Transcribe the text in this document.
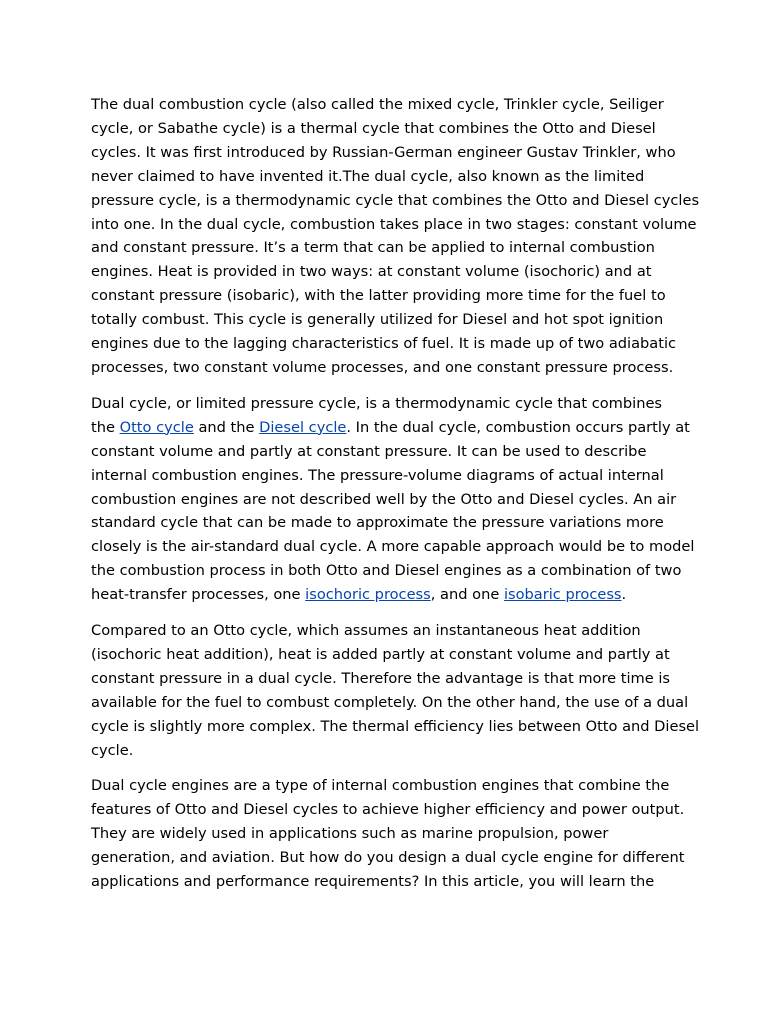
The dual combustion cycle (also called the mixed cycle, Trinkler cycle, Seiliger
cycle, or Sabathe cycle) is a thermal cycle that combines the Otto and Diesel
cycles. It was first introduced by Russian-German engineer Gustav Trinkler, who
never claimed to have invented it.The dual cycle, also known as the limited
pressure cycle, is a thermodynamic cycle that combines the Otto and Diesel cycles
into one. In the dual cycle, combustion takes place in two stages: constant volume
and constant pressure. It’s a term that can be applied to internal combustion
engines. Heat is provided in two ways: at constant volume (isochoric) and at
constant pressure (isobaric), with the latter providing more time for the fuel to
totally combust. This cycle is generally utilized for Diesel and hot spot ignition
engines due to the lagging characteristics of fuel. It is made up of two adiabatic
processes, two constant volume processes, and one constant pressure process.

Dual cycle, or limited pressure cycle, is a thermodynamic cycle that combines
the Otto cycle and the Diesel cycle. In the dual cycle, combustion occurs partly at
constant volume and partly at constant pressure. It can be used to describe
internal combustion engines. The pressure-volume diagrams of actual internal
combustion engines are not described well by the Otto and Diesel cycles. An air
standard cycle that can be made to approximate the pressure variations more
closely is the air-standard dual cycle. A more capable approach would be to model
the combustion process in both Otto and Diesel engines as a combination of two
heat-transfer processes, one isochoric process, and one isobaric process.

Compared to an Otto cycle, which assumes an instantaneous heat addition
(isochoric heat addition), heat is added partly at constant volume and partly at
constant pressure in a dual cycle. Therefore the advantage is that more time is
available for the fuel to combust completely. On the other hand, the use of a dual
cycle is slightly more complex. The thermal efficiency lies between Otto and Diesel
cycle.

Dual cycle engines are a type of internal combustion engines that combine the
features of Otto and Diesel cycles to achieve higher efficiency and power output.
They are widely used in applications such as marine propulsion, power
generation, and aviation. But how do you design a dual cycle engine for different
applications and performance requirements? In this article, you will learn the
